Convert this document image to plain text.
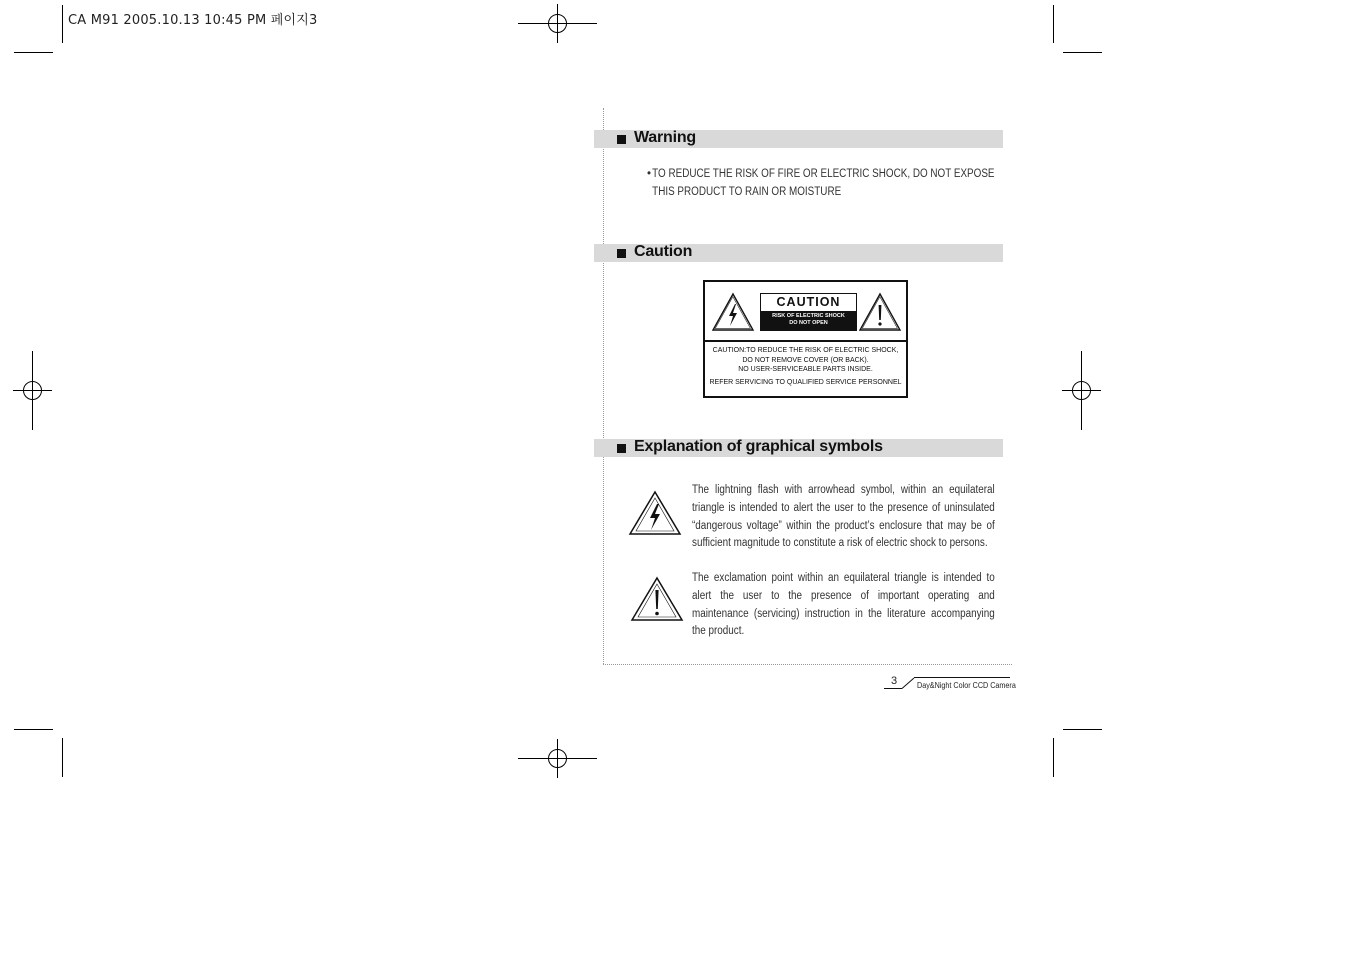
CA M91 2005.10.13 10:45 PM 페이지3
Warning
• TO REDUCE THE RISK OF FIRE OR ELECTRIC SHOCK, DO NOT EXPOSE THIS PRODUCT TO RAIN OR MOISTURE
Caution
CAUTION
RISK OF ELECTRIC SHOCK
DO NOT OPEN
CAUTION:TO REDUCE THE RISK OF ELECTRIC SHOCK,
DO NOT REMOVE COVER (OR BACK).
NO USER-SERVICEABLE PARTS INSIDE.
REFER SERVICING TO QUALIFIED SERVICE PERSONNEL
Explanation of graphical symbols
The lightning flash with arrowhead symbol, within an equilateral triangle is intended to alert the user to the presence of uninsulated “dangerous voltage” within the product’s enclosure that may be of sufficient magnitude to constitute a risk of electric shock to persons.
The exclamation point within an equilateral triangle is intended to alert the user to the presence of important operating and maintenance (servicing) instruction in the literature accompanying the product.
3 Day&Night Color CCD Camera
